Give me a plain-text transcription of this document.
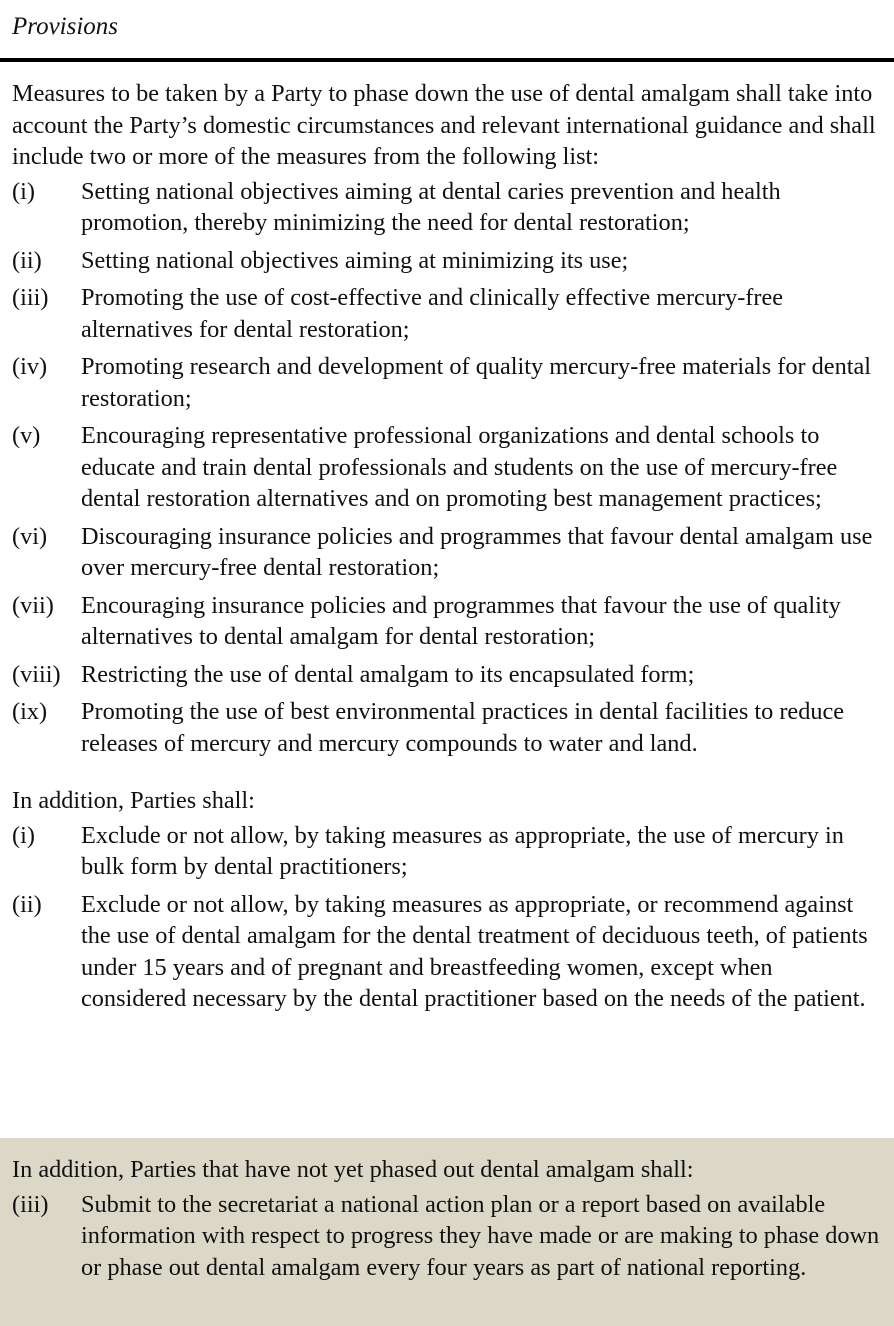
Provisions

Measures to be taken by a Party to phase down the use of dental amalgam shall take into account the Party’s domestic circumstances and relevant international guidance and shall include two or more of the measures from the following list:

(i)	Setting national objectives aiming at dental caries prevention and health promotion, thereby minimizing the need for dental restoration;
(ii)	Setting national objectives aiming at minimizing its use;
(iii)	Promoting the use of cost-effective and clinically effective mercury-free alternatives for dental restoration;
(iv)	Promoting research and development of quality mercury-free materials for dental restoration;
(v)	Encouraging representative professional organizations and dental schools to educate and train dental professionals and students on the use of mercury-free dental restoration alternatives and on promoting best management practices;
(vi)	Discouraging insurance policies and programmes that favour dental amalgam use over mercury-free dental restoration;
(vii)	Encouraging insurance policies and programmes that favour the use of quality alternatives to dental amalgam for dental restoration;
(viii) Restricting the use of dental amalgam to its encapsulated form;
(ix)	Promoting the use of best environmental practices in dental facilities to reduce releases of mercury and mercury compounds to water and land.

In addition, Parties shall:

(i)	Exclude or not allow, by taking measures as appropriate, the use of mercury in bulk form by dental practitioners;
(ii)	Exclude or not allow, by taking measures as appropriate, or recommend against the use of dental amalgam for the dental treatment of deciduous teeth, of patients under 15 years and of pregnant and breastfeeding women, except when considered necessary by the dental practitioner based on the needs of the patient.

In addition, Parties that have not yet phased out dental amalgam shall:

(iii)	Submit to the secretariat a national action plan or a report based on available information with respect to progress they have made or are making to phase down or phase out dental amalgam every four years as part of national reporting.
